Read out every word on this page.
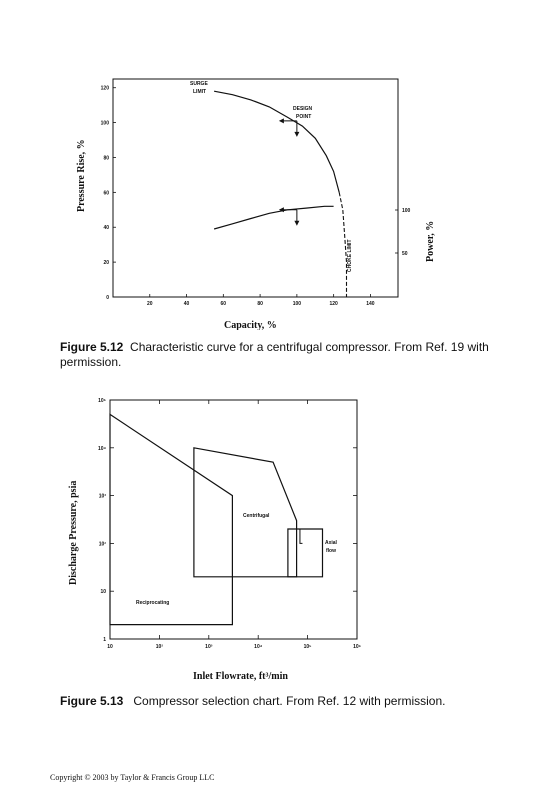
20	40	60	80	100	120	140
0
20
40
60
80
100
120
50
100
SURGE
LIMIT
DESIGN
POINT
CHOKE LIMIT
Pressure Rise, %
Power, %
Capacity, %
Figure 5.12 Characteristic curve for a centrifugal compressor. From Ref. 19 with permission.
10	10²	10³	10⁴	10⁵	10⁶
10⁵
10⁴
10³
10²
10
1
Reciprocating
Centrifugal
Axial
flow
Discharge Pressure, psia
Inlet Flowrate, ft³/min
Figure 5.13 Compressor selection chart. From Ref. 12 with permission.
Copyright © 2003 by Taylor & Francis Group LLC
